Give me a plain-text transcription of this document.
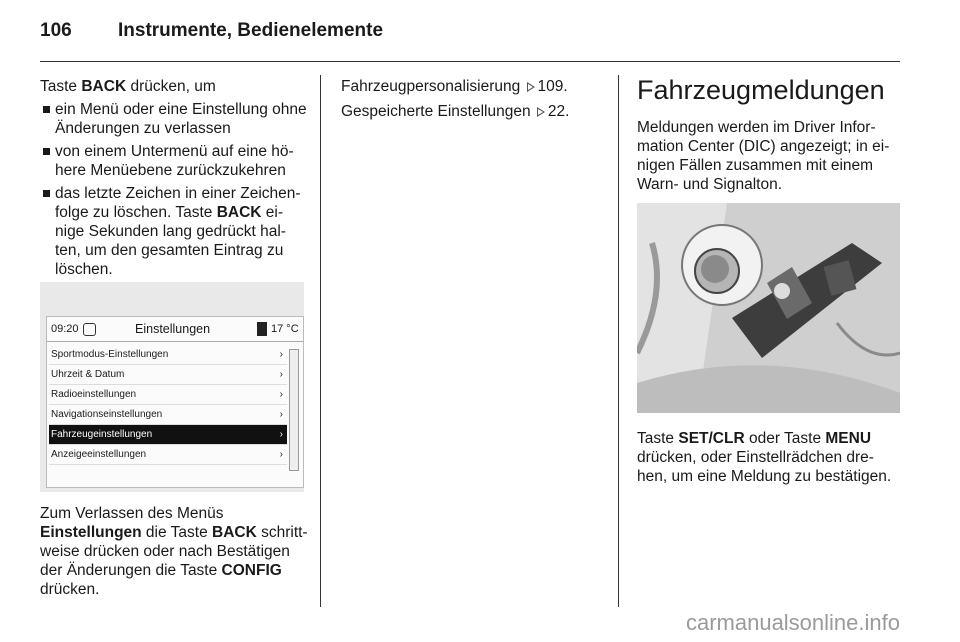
106 Instrumente, Bedienelemente

Taste BACK drücken, um

ein Menü oder eine Einstellung ohne Änderungen zu verlassen
von einem Untermenü auf eine hö-here Menüebene zurückzukehren
das letzte Zeichen in einer Zeichen-folge zu löschen. Taste BACK ei-nige Sekunden lang gedrückt hal-ten, um den gesamten Eintrag zu löschen.
09:20	Einstellungen	17 °C
Sportmodus-Einstellungen	›
Uhrzeit & Datum	›
Radioeinstellungen	›
Navigationseinstellungen	›
Fahrzeugeinstellungen	›
Anzeigeeinstellungen	›

Zum Verlassen des Menüs Einstellungen die Taste BACK schritt-weise drücken oder nach Bestätigen der Änderungen die Taste CONFIG drücken.

Fahrzeugpersonalisierung 109.

Gespeicherte Einstellungen 22.

Fahrzeugmeldungen

Meldungen werden im Driver Infor-mation Center (DIC) angezeigt; in ei-nigen Fällen zusammen mit einem Warn- und Signalton.

Taste SET/CLR oder Taste MENU drücken, oder Einstellrädchen dre-hen, um eine Meldung zu bestätigen.

carmanualsonline.info
